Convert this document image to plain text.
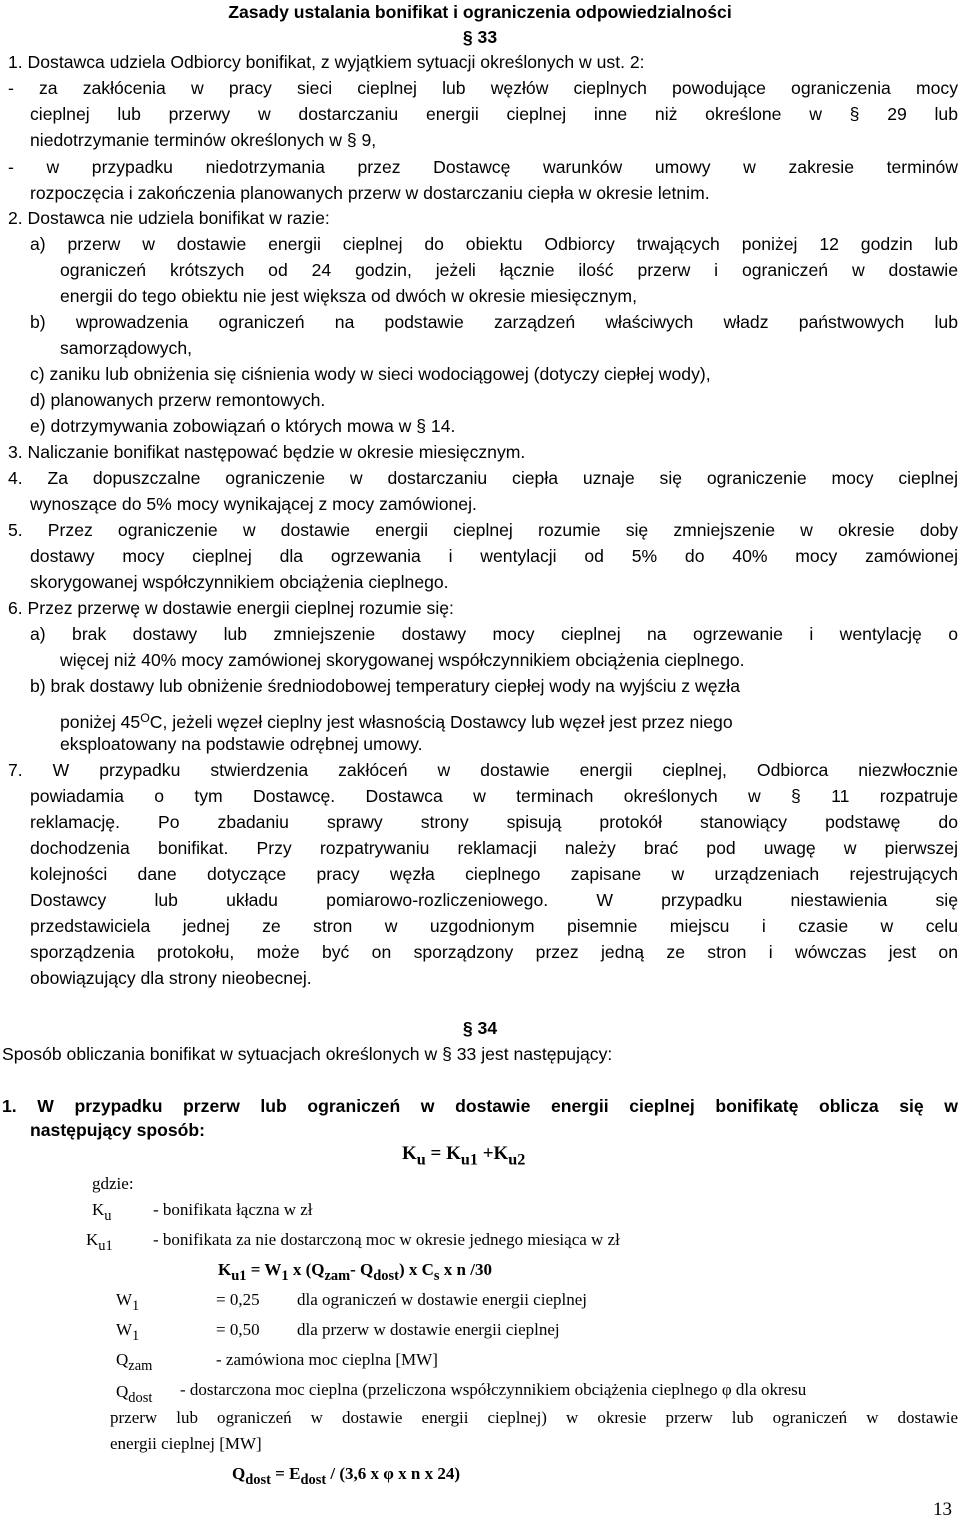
Zasady ustalania bonifikat i ograniczenia odpowiedzialności
§ 33
1. Dostawca udziela Odbiorcy bonifikat, z wyjątkiem sytuacji określonych w ust. 2:
- za zakłócenia w pracy sieci cieplnej lub węzłów cieplnych powodujące ograniczenia mocy
cieplnej lub przerwy w dostarczaniu energii cieplnej inne niż określone w § 29 lub
niedotrzymanie terminów określonych w § 9,
- w przypadku niedotrzymania przez Dostawcę warunków umowy w zakresie terminów
rozpoczęcia i zakończenia planowanych przerw w dostarczaniu ciepła w okresie letnim.
2. Dostawca nie udziela bonifikat w razie:
a) przerw w dostawie energii cieplnej do obiektu Odbiorcy trwających poniżej 12 godzin lub
ograniczeń krótszych od 24 godzin, jeżeli łącznie ilość przerw i ograniczeń w dostawie
energii do tego obiektu nie jest większa od dwóch w okresie miesięcznym,
b) wprowadzenia ograniczeń na podstawie zarządzeń właściwych władz państwowych lub
samorządowych,
c) zaniku lub obniżenia się ciśnienia wody w sieci wodociągowej (dotyczy ciepłej wody),
d) planowanych przerw remontowych.
e) dotrzymywania zobowiązań o których mowa w § 14.
3. Naliczanie bonifikat następować będzie w okresie miesięcznym.
4. Za dopuszczalne ograniczenie w dostarczaniu ciepła uznaje się ograniczenie mocy cieplnej
wynoszące do 5% mocy wynikającej z mocy zamówionej.
5. Przez ograniczenie w dostawie energii cieplnej rozumie się zmniejszenie w okresie doby
dostawy mocy cieplnej dla ogrzewania i wentylacji od 5% do 40% mocy zamówionej
skorygowanej współczynnikiem obciążenia cieplnego.
6. Przez przerwę w dostawie energii cieplnej rozumie się:
a) brak dostawy lub zmniejszenie dostawy mocy cieplnej na ogrzewanie i wentylację o
więcej niż 40% mocy zamówionej skorygowanej współczynnikiem obciążenia cieplnego.
b) brak dostawy lub obniżenie średniodobowej temperatury ciepłej wody na wyjściu z węzła
poniżej $45^OC$, jeżeli węzeł cieplny jest własnością Dostawcy lub węzeł jest przez niego
eksploatowany na podstawie odrębnej umowy.
7. W przypadku stwierdzenia zakłóceń w dostawie energii cieplnej, Odbiorca niezwłocznie
powiadamia o tym Dostawcę. Dostawca w terminach określonych w § 11 rozpatruje
reklamację. Po zbadaniu sprawy strony spisują protokół stanowiący podstawę do
dochodzenia bonifikat. Przy rozpatrywaniu reklamacji należy brać pod uwagę w pierwszej
kolejności dane dotyczące pracy węzła cieplnego zapisane w urządzeniach rejestrujących
Dostawcy lub układu pomiarowo-rozliczeniowego. W przypadku niestawienia się
przedstawiciela jednej ze stron w uzgodnionym pisemnie miejscu i czasie w celu
sporządzenia protokołu, może być on sporządzony przez jedną ze stron i wówczas jest on
obowiązujący dla strony nieobecnej.
§ 34
Sposób obliczania bonifikat w sytuacjach określonych w § 33 jest następujący:
1. W przypadku przerw lub ograniczeń w dostawie energii cieplnej bonifikatę oblicza się w
następujący sposób:
$K_u = K_{u1} +K_{u2}$
gdzie:
$K_u$ - bonifikata łączna w zł
$K_{u1}$ - bonifikata za nie dostarczoną moc w okresie jednego miesiąca w zł
$K_{u1} = W_1$ x ($Q_{zam}-$ $Q_{dost}$) x $C_s$ x n /30
$W_1$	= 0,25 dla ograniczeń w dostawie energii cieplnej
$W_1$	= 0,50 dla przerw w dostawie energii cieplnej
$Q_{zam}$	- zamówiona moc cieplna [MW]
$Q_{dost}$ - dostarczona moc cieplna (przeliczona współczynnikiem obciążenia cieplnego φ dla okresu
przerw lub ograniczeń w dostawie energii cieplnej) w okresie przerw lub ograniczeń w dostawie
energii cieplnej [MW]
$Q_{dost} = E_{dost} / (3,6$ x φ x n x 24)
13
